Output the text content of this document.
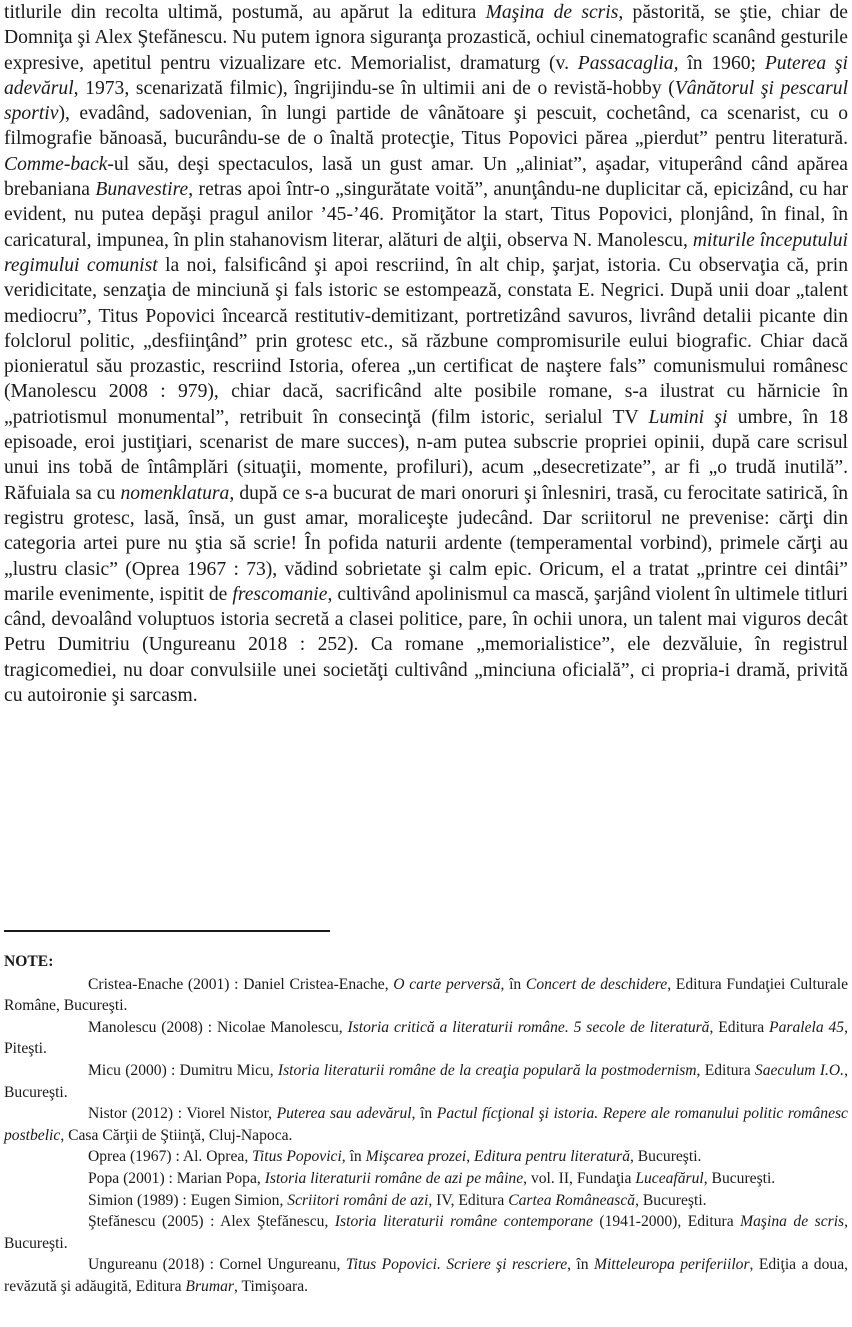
titlurile din recolta ultimă, postumă, au apărut la editura Maşina de scris, păstorită, se ştie, chiar de Domniţa şi Alex Ştefănescu. Nu putem ignora siguranţa prozastică, ochiul cinematografic scanând gesturile expresive, apetitul pentru vizualizare etc. Memorialist, dramaturg (v. Passacaglia, în 1960; Puterea şi adevărul, 1973, scenarizată filmic), îngrijindu-se în ultimii ani de o revistă-hobby (Vânătorul şi pescarul sportiv), evadând, sadovenian, în lungi partide de vânătoare şi pescuit, cochetând, ca scenarist, cu o filmografie bănoasă, bucurându-se de o înaltă protecţie, Titus Popovici părea „pierdut” pentru literatură. Comme-back-ul său, deşi spectaculos, lasă un gust amar. Un „aliniat”, aşadar, vituperând când apărea brebaniana Bunavestire, retras apoi într-o „singurătate voită”, anunţându-ne duplicitar că, epicizând, cu har evident, nu putea depăşi pragul anilor ’45-’46. Promiţător la start, Titus Popovici, plonjând, în final, în caricatural, impunea, în plin stahanovism literar, alături de alţii, observa N. Manolescu, miturile începutului regimului comunist la noi, falsificând şi apoi rescriind, în alt chip, şarjat, istoria. Cu observaţia că, prin veridicitate, senzaţia de minciună şi fals istoric se estompează, constata E. Negrici. După unii doar „talent mediocru”, Titus Popovici încearcă restitutiv-demitizant, portretizând savuros, livrând detalii picante din folclorul politic, „desfiinţând” prin grotesc etc., să răzbune compromisurile eului biografic. Chiar dacă pionieratul său prozastic, rescriind Istoria, oferea „un certificat de naştere fals” comunismului românesc (Manolescu 2008 : 979), chiar dacă, sacrificând alte posibile romane, s-a ilustrat cu hărnicie în „patriotismul monumental”, retribuit în consecinţă (film istoric, serialul TV Lumini şi umbre, în 18 episoade, eroi justiţiari, scenarist de mare succes), n-am putea subscrie propriei opinii, după care scrisul unui ins tobă de întâmplări (situaţii, momente, profiluri), acum „desecretizate”, ar fi „o trudă inutilă”. Răfuiala sa cu nomenklatura, după ce s-a bucurat de mari onoruri şi înlesniri, trasă, cu ferocitate satirică, în registru grotesc, lasă, însă, un gust amar, moraliceşte judecând. Dar scriitorul ne prevenise: cărţi din categoria artei pure nu ştia să scrie! În pofida naturii ardente (temperamental vorbind), primele cărţi au „lustru clasic” (Oprea 1967 : 73), vădind sobrietate şi calm epic. Oricum, el a tratat „printre cei dintâi” marile evenimente, ispitit de frescomanie, cultivând apolinismul ca mască, şarjând violent în ultimele titluri când, devoalând voluptuos istoria secretă a clasei politice, pare, în ochii unora, un talent mai viguros decât Petru Dumitriu (Ungureanu 2018 : 252). Ca romane „memorialistice”, ele dezvăluie, în registrul tragicomediei, nu doar convulsiile unei societăţi cultivând „minciuna oficială”, ci propria-i dramă, privită cu autoironie şi sarcasm.

NOTE:

Cristea-Enache (2001) : Daniel Cristea-Enache, O carte perversă, în Concert de deschidere, Editura Fundaţiei Culturale Române, Bucureşti.

Manolescu (2008) : Nicolae Manolescu, Istoria critică a literaturii române. 5 secole de literatură, Editura Paralela 45, Piteşti.

Micu (2000) : Dumitru Micu, Istoria literaturii române de la creaţia populară la postmodernism, Editura Saeculum I.O., Bucureşti.

Nistor (2012) : Viorel Nistor, Puterea sau adevărul, în Pactul fícţional şi istoria. Repere ale romanului politic românesc postbelic, Casa Cărţii de Ştiinţă, Cluj-Napoca.

Oprea (1967) : Al. Oprea, Titus Popovici, în Mişcarea prozei, Editura pentru literatură, Bucureşti.

Popa (2001) : Marian Popa, Istoria literaturii române de azi pe mâine, vol. II, Fundaţia Luceafărul, Bucureşti.

Simion (1989) : Eugen Simion, Scriitori români de azi, IV, Editura Cartea Românească, Bucureşti.

Ştefănescu (2005) : Alex Ştefănescu, Istoria literaturii române contemporane (1941-2000), Editura Maşina de scris, Bucureşti.

Ungureanu (2018) : Cornel Ungureanu, Titus Popovici. Scriere şi rescriere, în Mitteleuropa periferiilor, Ediţia a doua, revăzută şi adăugită, Editura Brumar, Timişoara.
